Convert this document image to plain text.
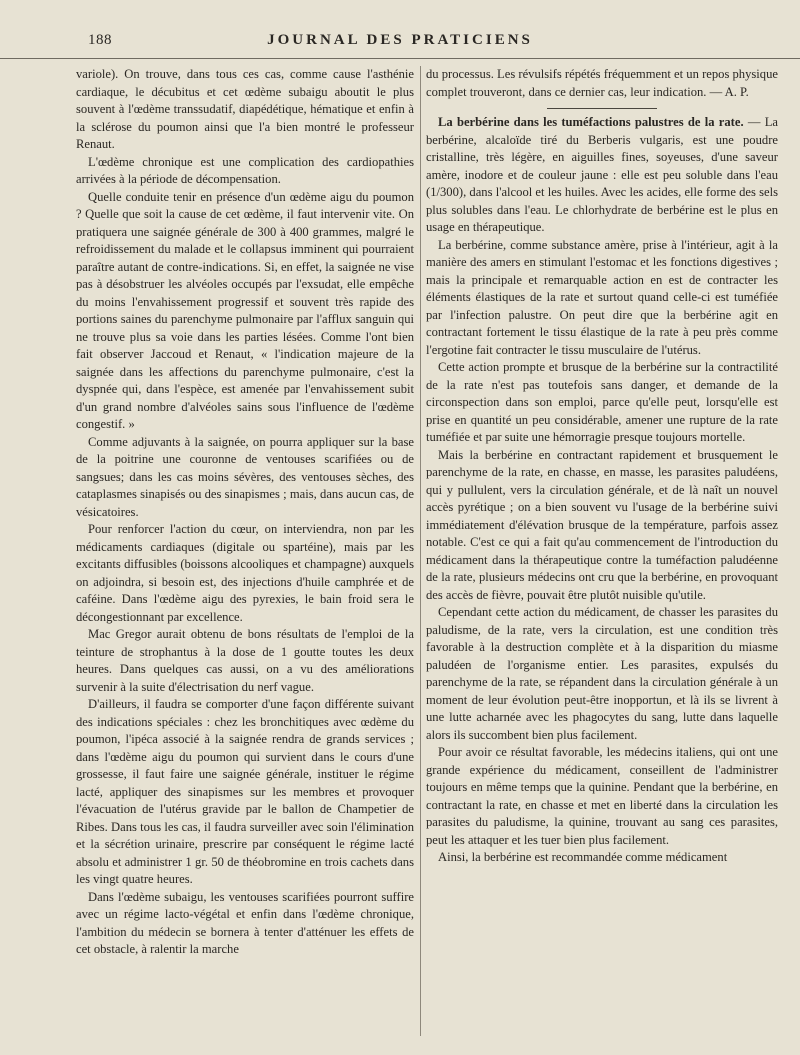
188	JOURNAL DES PRATICIENS

variole). On trouve, dans tous ces cas, comme cause l'asthénie cardiaque, le décubitus et cet œdème subaigu aboutit le plus souvent à l'œdème transsudatif, diapédétique, hématique et enfin à la sclérose du poumon ainsi que l'a bien montré le professeur Renaut.

L'œdème chronique est une complication des cardiopathies arrivées à la période de décompensation.

Quelle conduite tenir en présence d'un œdème aigu du poumon ? Quelle que soit la cause de cet œdème, il faut intervenir vite. On pratiquera une saignée générale de 300 à 400 grammes, malgré le refroidissement du malade et le collapsus imminent qui pourraient paraître autant de contre-indications. Si, en effet, la saignée ne vise pas à désobstruer les alvéoles occupés par l'exsudat, elle empêche du moins l'envahissement progressif et souvent très rapide des portions saines du parenchyme pulmonaire par l'afflux sanguin qui ne trouve plus sa voie dans les parties lésées. Comme l'ont bien fait observer Jaccoud et Renaut, « l'indication majeure de la saignée dans les affections du parenchyme pulmonaire, c'est la dyspnée qui, dans l'espèce, est amenée par l'envahissement subit d'un grand nombre d'alvéoles sains sous l'influence de l'œdème congestif. »

Comme adjuvants à la saignée, on pourra appliquer sur la base de la poitrine une couronne de ventouses scarifiées ou de sangsues; dans les cas moins sévères, des ventouses sèches, des cataplasmes sinapisés ou des sinapismes ; mais, dans aucun cas, de vésicatoires.

Pour renforcer l'action du cœur, on interviendra, non par les médicaments cardiaques (digitale ou spartéine), mais par les excitants diffusibles (boissons alcooliques et champagne) auxquels on adjoindra, si besoin est, des injections d'huile camphrée et de caféine. Dans l'œdème aigu des pyrexies, le bain froid sera le décongestionnant par excellence.

Mac Gregor aurait obtenu de bons résultats de l'emploi de la teinture de strophantus à la dose de 1 goutte toutes les deux heures. Dans quelques cas aussi, on a vu des améliorations survenir à la suite d'électrisation du nerf vague.

D'ailleurs, il faudra se comporter d'une façon différente suivant des indications spéciales : chez les bronchitiques avec œdème du poumon, l'ipéca associé à la saignée rendra de grands services ; dans l'œdème aigu du poumon qui survient dans le cours d'une grossesse, il faut faire une saignée générale, instituer le régime lacté, appliquer des sinapismes sur les membres et provoquer l'évacuation de l'utérus gravide par le ballon de Champetier de Ribes. Dans tous les cas, il faudra surveiller avec soin l'élimination et la sécrétion urinaire, prescrire par conséquent le régime lacté absolu et administrer 1 gr. 50 de théobromine en trois cachets dans les vingt quatre heures.

Dans l'œdème subaigu, les ventouses scarifiées pourront suffire avec un régime lacto-végétal et enfin dans l'œdème chronique, l'ambition du médecin se bornera à tenter d'atténuer les effets de cet obstacle, à ralentir la marche

du processus. Les révulsifs répétés fréquemment et un repos physique complet trouveront, dans ce dernier cas, leur indication. — A. P.

La berbérine dans les tuméfactions palustres de la rate. — La berbérine, alcaloïde tiré du Berberis vulgaris, est une poudre cristalline, très légère, en aiguilles fines, soyeuses, d'une saveur amère, inodore et de couleur jaune : elle est peu soluble dans l'eau (1/300), dans l'alcool et les huiles. Avec les acides, elle forme des sels plus solubles dans l'eau. Le chlorhydrate de berbérine est le plus en usage en thérapeutique.

La berbérine, comme substance amère, prise à l'intérieur, agit à la manière des amers en stimulant l'estomac et les fonctions digestives ; mais la principale et remarquable action en est de contracter les éléments élastiques de la rate et surtout quand celle-ci est tuméfiée par l'infection palustre. On peut dire que la berbérine agit en contractant fortement le tissu élastique de la rate à peu près comme l'ergotine fait contracter le tissu musculaire de l'utérus.

Cette action prompte et brusque de la berbérine sur la contractilité de la rate n'est pas toutefois sans danger, et demande de la circonspection dans son emploi, parce qu'elle peut, lorsqu'elle est prise en quantité un peu considérable, amener une rupture de la rate tuméfiée et par suite une hémorragie presque toujours mortelle.

Mais la berbérine en contractant rapidement et brusquement le parenchyme de la rate, en chasse, en masse, les parasites paludéens, qui y pullulent, vers la circulation générale, et de là naît un nouvel accès pyrétique ; on a bien souvent vu l'usage de la berbérine suivi immédiatement d'élévation brusque de la température, parfois assez notable. C'est ce qui a fait qu'au commencement de l'introduction du médicament dans la thérapeutique contre la tuméfaction paludéenne de la rate, plusieurs médecins ont cru que la berbérine, en provoquant des accès de fièvre, pouvait être plutôt nuisible qu'utile.

Cependant cette action du médicament, de chasser les parasites du paludisme, de la rate, vers la circulation, est une condition très favorable à la destruction complète et à la disparition du miasme paludéen de l'organisme entier. Les parasites, expulsés du parenchyme de la rate, se répandent dans la circulation générale à un moment de leur évolution peut-être inopportun, et là ils se livrent à une lutte acharnée avec les phagocytes du sang, lutte dans laquelle alors ils succombent bien plus facilement.

Pour avoir ce résultat favorable, les médecins italiens, qui ont une grande expérience du médicament, conseillent de l'administrer toujours en même temps que la quinine. Pendant que la berbérine, en contractant la rate, en chasse et met en liberté dans la circulation les parasites du paludisme, la quinine, trouvant au sang ces parasites, peut les attaquer et les tuer bien plus facilement.

Ainsi, la berbérine est recommandée comme médicament
